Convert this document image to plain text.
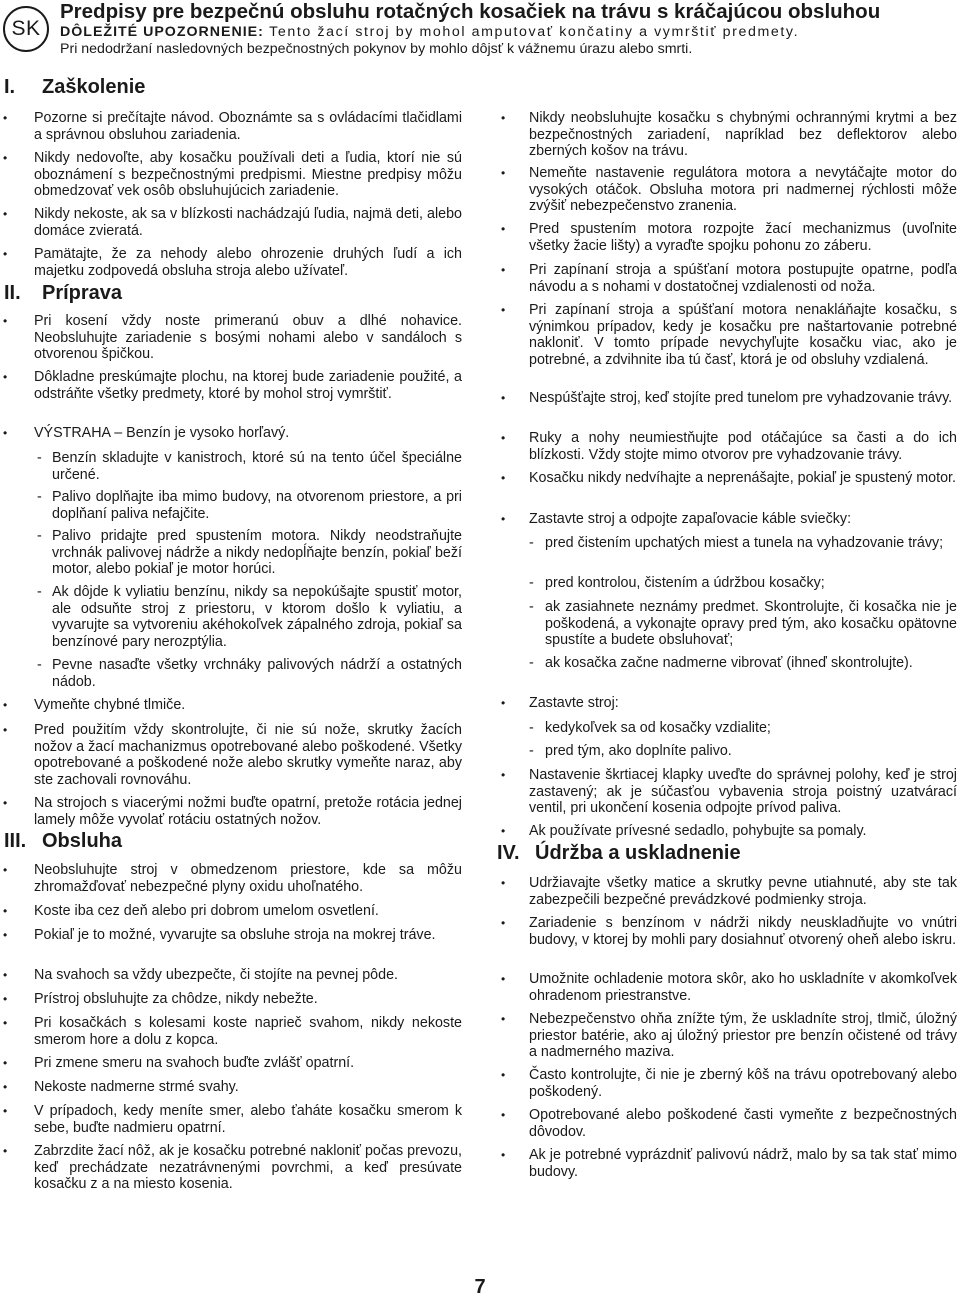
SK
Predpisy pre bezpečnú obsluhu rotačných kosačiek na trávu s kráčajúcou obsluhou
DÔLEŽITÉ UPOZORNENIE: Tento žací stroj by mohol amputovať končatiny a vymrštiť predmety.
Pri nedodržaní nasledovných bezpečnostných pokynov by mohlo dôjsť k vážnemu úrazu alebo smrti.
I. Zaškolenie
• Pozorne si prečítajte návod. Oboznámte sa s ovládacími tlačidlami a správnou obsluhou zariadenia.
• Nikdy nedovoľte, aby kosačku používali deti a ľudia, ktorí nie sú oboznámení s bezpečnostnými predpismi. Miestne predpisy môžu obmedzovať vek osôb obsluhujúcich zariadenie.
• Nikdy nekoste, ak sa v blízkosti nachádzajú ľudia, najmä deti, alebo domáce zvieratá.
• Pamätajte, že za nehody alebo ohrozenie druhých ľudí a ich majetku zodpovedá obsluha stroja alebo užívateľ.
II. Príprava
• Pri kosení vždy noste primeranú obuv a dlhé nohavice. Neobsluhujte zariadenie s bosými nohami alebo v sandáloch s otvorenou špičkou.
• Dôkladne preskúmajte plochu, na ktorej bude zariadenie použité, a odstráňte všetky predmety, ktoré by mohol stroj vymrštiť.
• VÝSTRAHA – Benzín je vysoko horľavý.
- Benzín skladujte v kanistroch, ktoré sú na tento účel špeciálne určené.
- Palivo doplňajte iba mimo budovy, na otvorenom priestore, a pri doplňaní paliva nefajčite.
- Palivo pridajte pred spustením motora. Nikdy neodstraňujte vrchnák palivovej nádrže a nikdy nedopĺňajte benzín, pokiaľ beží motor, alebo pokiaľ je motor horúci.
- Ak dôjde k vyliatiu benzínu, nikdy sa nepokúšajte spustiť motor, ale odsuňte stroj z priestoru, v ktorom došlo k vyliatiu, a vyvarujte sa vytvoreniu akéhokoľvek zápalného zdroja, pokiaľ sa benzínové pary nerozptýlia.
- Pevne nasaďte všetky vrchnáky palivových nádrží a ostatných nádob.
• Vymeňte chybné tlmiče.
• Pred použitím vždy skontrolujte, či nie sú nože, skrutky žacích nožov a žací machanizmus opotrebované alebo poškodené. Všetky opotrebované a poškodené nože alebo skrutky vymeňte naraz, aby ste zachovali rovnováhu.
• Na strojoch s viacerými nožmi buďte opatrní, pretože rotácia jednej lamely môže vyvolať rotáciu ostatných nožov.
III. Obsluha
• Neobsluhujte stroj v obmedzenom priestore, kde sa môžu zhromažďovať nebezpečné plyny oxidu uhoľnatého.
• Koste iba cez deň alebo pri dobrom umelom osvetlení.
• Pokiaľ je to možné, vyvarujte sa obsluhe stroja na mokrej tráve.
• Na svahoch sa vždy ubezpečte, či stojíte na pevnej pôde.
• Prístroj obsluhujte za chôdze, nikdy nebežte.
• Pri kosačkách s kolesami koste naprieč svahom, nikdy nekoste smerom hore a dolu z kopca.
• Pri zmene smeru na svahoch buďte zvlášť opatrní.
• Nekoste nadmerne strmé svahy.
• V prípadoch, kedy meníte smer, alebo ťaháte kosačku smerom k sebe, buďte nadmieru opatrní.
• Zabrzdite žací nôž, ak je kosačku potrebné nakloniť počas prevozu, keď prechádzate nezatrávnenými povrchmi, a keď presúvate kosačku z a na miesto kosenia.
• Nikdy neobsluhujte kosačku s chybnými ochrannými krytmi a bez bezpečnostných zariadení, napríklad bez deflektorov alebo zberných košov na trávu.
• Nemeňte nastavenie regulátora motora a nevytáčajte motor do vysokých otáčok. Obsluha motora pri nadmernej rýchlosti môže zvýšiť nebezpečenstvo zranenia.
• Pred spustením motora rozpojte žací mechanizmus (uvoľnite všetky žacie lišty) a vyraďte spojku pohonu zo záberu.
• Pri zapínaní stroja a spúšťaní motora postupujte opatrne, podľa návodu a s nohami v dostatočnej vzdialenosti od noža.
• Pri zapínaní stroja a spúšťaní motora nenakláňajte kosačku, s výnimkou prípadov, kedy je kosačku pre naštartovanie potrebné nakloniť. V tomto prípade nevychyľujte kosačku viac, ako je potrebné, a zdvihnite iba tú časť, ktorá je od obsluhy vzdialená.
• Nespúšťajte stroj, keď stojíte pred tunelom pre vyhadzovanie trávy.
• Ruky a nohy neumiestňujte pod otáčajúce sa časti a do ich blízkosti. Vždy stojte mimo otvorov pre vyhadzovanie trávy.
• Kosačku nikdy nedvíhajte a neprenášajte, pokiaľ je spustený motor.
• Zastavte stroj a odpojte zapaľovacie káble sviečky:
- pred čistením upchatých miest a tunela na vyhadzovanie trávy;
- pred kontrolou, čistením a údržbou kosačky;
- ak zasiahnete neznámy predmet. Skontrolujte, či kosačka nie je poškodená, a vykonajte opravy pred tým, ako kosačku opätovne spustíte a budete obsluhovať;
- ak kosačka začne nadmerne vibrovať (ihneď skontrolujte).
• Zastavte stroj:
- kedykoľvek sa od kosačky vzdialite;
- pred tým, ako doplníte palivo.
• Nastavenie škrtiacej klapky uveďte do správnej polohy, keď je stroj zastavený; ak je súčasťou vybavenia stroja poistný uzatvárací ventil, pri ukončení kosenia odpojte prívod paliva.
• Ak používate prívesné sedadlo, pohybujte sa pomaly.
IV. Údržba a uskladnenie
• Udržiavajte všetky matice a skrutky pevne utiahnuté, aby ste tak zabezpečili bezpečné prevádzkové podmienky stroja.
• Zariadenie s benzínom v nádrži nikdy neuskladňujte vo vnútri budovy, v ktorej by mohli pary dosiahnuť otvorený oheň alebo iskru.
• Umožnite ochladenie motora skôr, ako ho uskladníte v akomkoľvek ohradenom priestranstve.
• Nebezpečenstvo ohňa znížte tým, že uskladníte stroj, tlmič, úložný priestor batérie, ako aj úložný priestor pre benzín očistené od trávy a nadmerného maziva.
• Často kontrolujte, či nie je zberný kôš na trávu opotrebovaný alebo poškodený.
• Opotrebované alebo poškodené časti vymeňte z bezpečnostných dôvodov.
• Ak je potrebné vyprázdniť palivovú nádrž, malo by sa tak stať mimo budovy.
7
